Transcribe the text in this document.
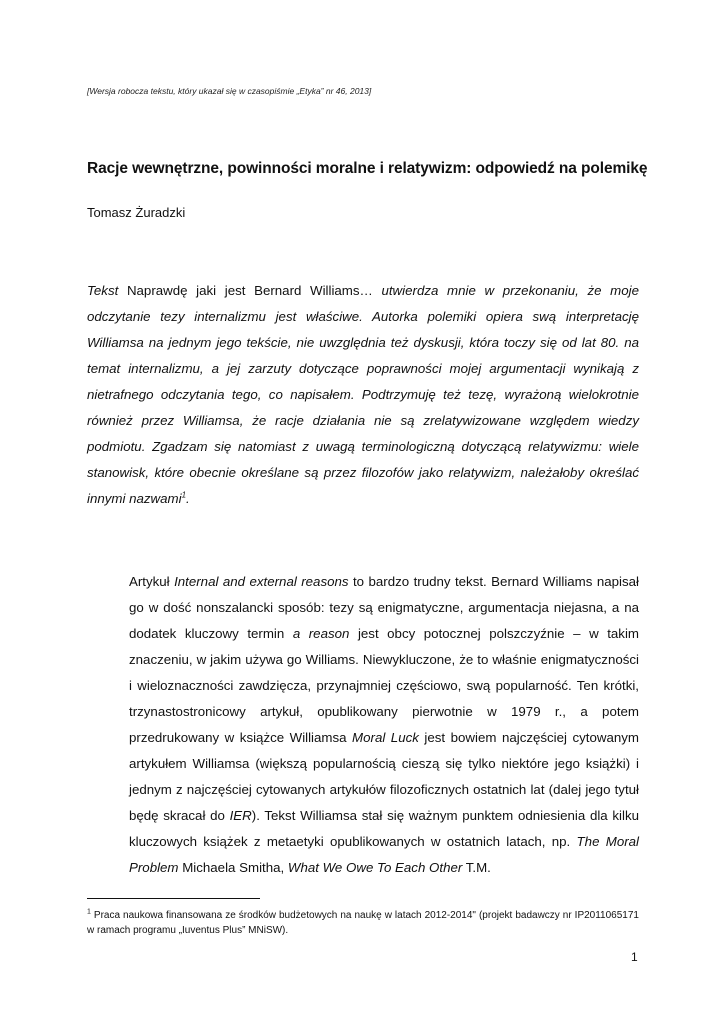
[Wersja robocza tekstu, który ukazał się w czasopiśmie „Etyka” nr 46, 2013]
Racje wewnętrzne, powinności moralne i relatywizm: odpowiedź na polemikę
Tomasz Żuradzki
Tekst Naprawdę jaki jest Bernard Williams… utwierdza mnie w przekonaniu, że moje odczytanie tezy internalizmu jest właściwe. Autorka polemiki opiera swą interpretację Williamsa na jednym jego tekście, nie uwzględnia też dyskusji, która toczy się od lat 80. na temat internalizmu, a jej zarzuty dotyczące poprawności mojej argumentacji wynikają z nietrafnego odczytania tego, co napisałem. Podtrzymuję też tezę, wyrażoną wielokrotnie również przez Williamsa, że racje działania nie są zrelatywizowane względem wiedzy podmiotu. Zgadzam się natomiast z uwagą terminologiczną dotyczącą relatywizmu: wiele stanowisk, które obecnie określane są przez filozofów jako relatywizm, należałoby określać innymi nazwami$^1$.
Artykuł Internal and external reasons to bardzo trudny tekst. Bernard Williams napisał go w dość nonszalancki sposób: tezy są enigmatyczne, argumentacja niejasna, a na dodatek kluczowy termin a reason jest obcy potocznej polszczyźnie – w takim znaczeniu, w jakim używa go Williams. Niewykluczone, że to właśnie enigmatyczności i wieloznaczności zawdzięcza, przynajmniej częściowo, swą popularność. Ten krótki, trzynastostronicowy artykuł, opublikowany pierwotnie w 1979 r., a potem przedrukowany w książce Williamsa Moral Luck jest bowiem najczęściej cytowanym artykułem Williamsa (większą popularnością cieszą się tylko niektóre jego książki) i jednym z najczęściej cytowanych artykułów filozoficznych ostatnich lat (dalej jego tytuł będę skracał do IER). Tekst Williamsa stał się ważnym punktem odniesienia dla kilku kluczowych książek z metaetyki opublikowanych w ostatnich latach, np. The Moral Problem Michaela Smitha, What We Owe To Each Other T.M.
$^1$ Praca naukowa finansowana ze środków budżetowych na naukę w latach 2012-2014" (projekt badawczy nr IP2011065171 w ramach programu „Iuventus Plus” MNiSW).
1
